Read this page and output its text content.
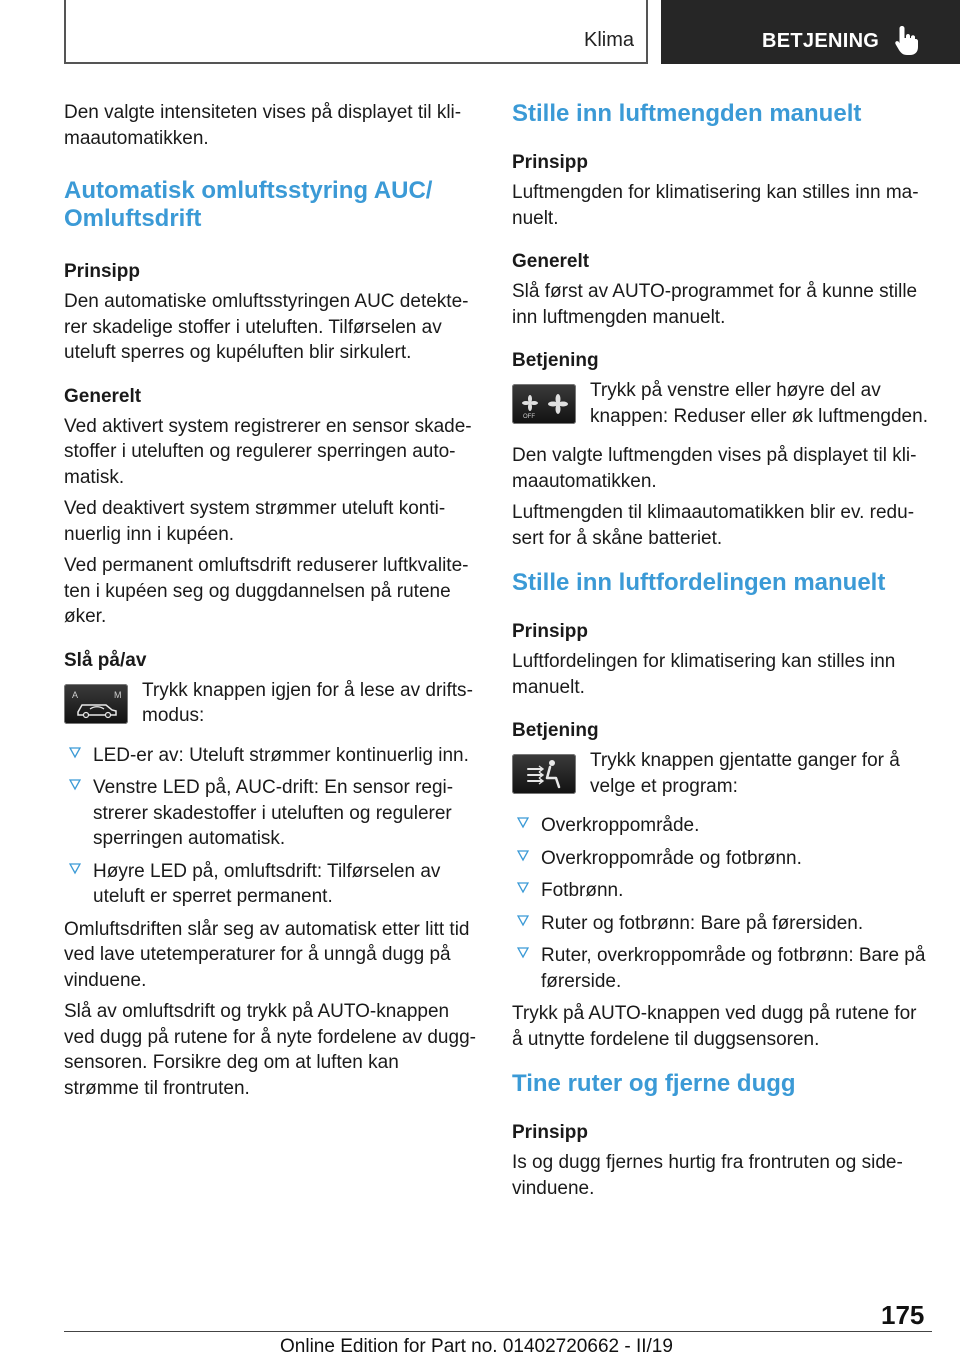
Klima	BETJENING

Den valgte intensiteten vises på displayet til klimaautomatikken.

Automatisk omluftsstyring AUC/ Omluftsdrift
Prinsipp

Den automatiske omluftsstyringen AUC detekterer skadelige stoffer i uteluften. Tilførselen av uteluft sperres og kupéluften blir sirkulert.

Generelt

Ved aktivert system registrerer en sensor skadestoffer i uteluften og regulerer sperringen automatisk.

Ved deaktivert system strømmer uteluft kontinuerlig inn i kupéen.

Ved permanent omluftsdrift reduserer luftkvaliteten i kupéen seg og duggdannelsen på rutene øker.

Slå på/av
A	M Trykk knappen igjen for å lese av driftsmodus:

LED-er av: Uteluft strømmer kontinuerlig inn.
Venstre LED på, AUC-drift: En sensor registrerer skadestoffer i uteluften og regulerer sperringen automatisk.
Høyre LED på, omluftsdrift: Tilførselen av uteluft er sperret permanent.

Omluftsdriften slår seg av automatisk etter litt tid ved lave utetemperaturer for å unngå dugg på vinduene.

Slå av omluftsdrift og trykk på AUTO-knappen ved dugg på rutene for å nyte fordelene av duggsensoren. Forsikre deg om at luften kan strømme til frontruten.

Stille inn luftmengden manuelt
Prinsipp

Luftmengden for klimatisering kan stilles inn manuelt.

Generelt

Slå først av AUTO-programmet for å kunne stille inn luftmengden manuelt.

Betjening
OFF

Trykk på venstre eller høyre del av knappen: Reduser eller øk luftmengden.

Den valgte luftmengden vises på displayet til klimaautomatikken.

Luftmengden til klimaautomatikken blir ev. redusert for å skåne batteriet.

Stille inn luftfordelingen manuelt
Prinsipp

Luftfordelingen for klimatisering kan stilles inn manuelt.

Betjening

Trykk knappen gjentatte ganger for å velge et program:

Overkroppområde.
Overkroppområde og fotbrønn.
Fotbrønn.
Ruter og fotbrønn: Bare på førersiden.
Ruter, overkroppområde og fotbrønn: Bare på førerside.

Trykk på AUTO-knappen ved dugg på rutene for å utnytte fordelene til duggsensoren.

Tine ruter og fjerne dugg
Prinsipp

Is og dugg fjernes hurtig fra frontruten og sidevinduene.

175
Online Edition for Part no. 01402720662 - II/19
